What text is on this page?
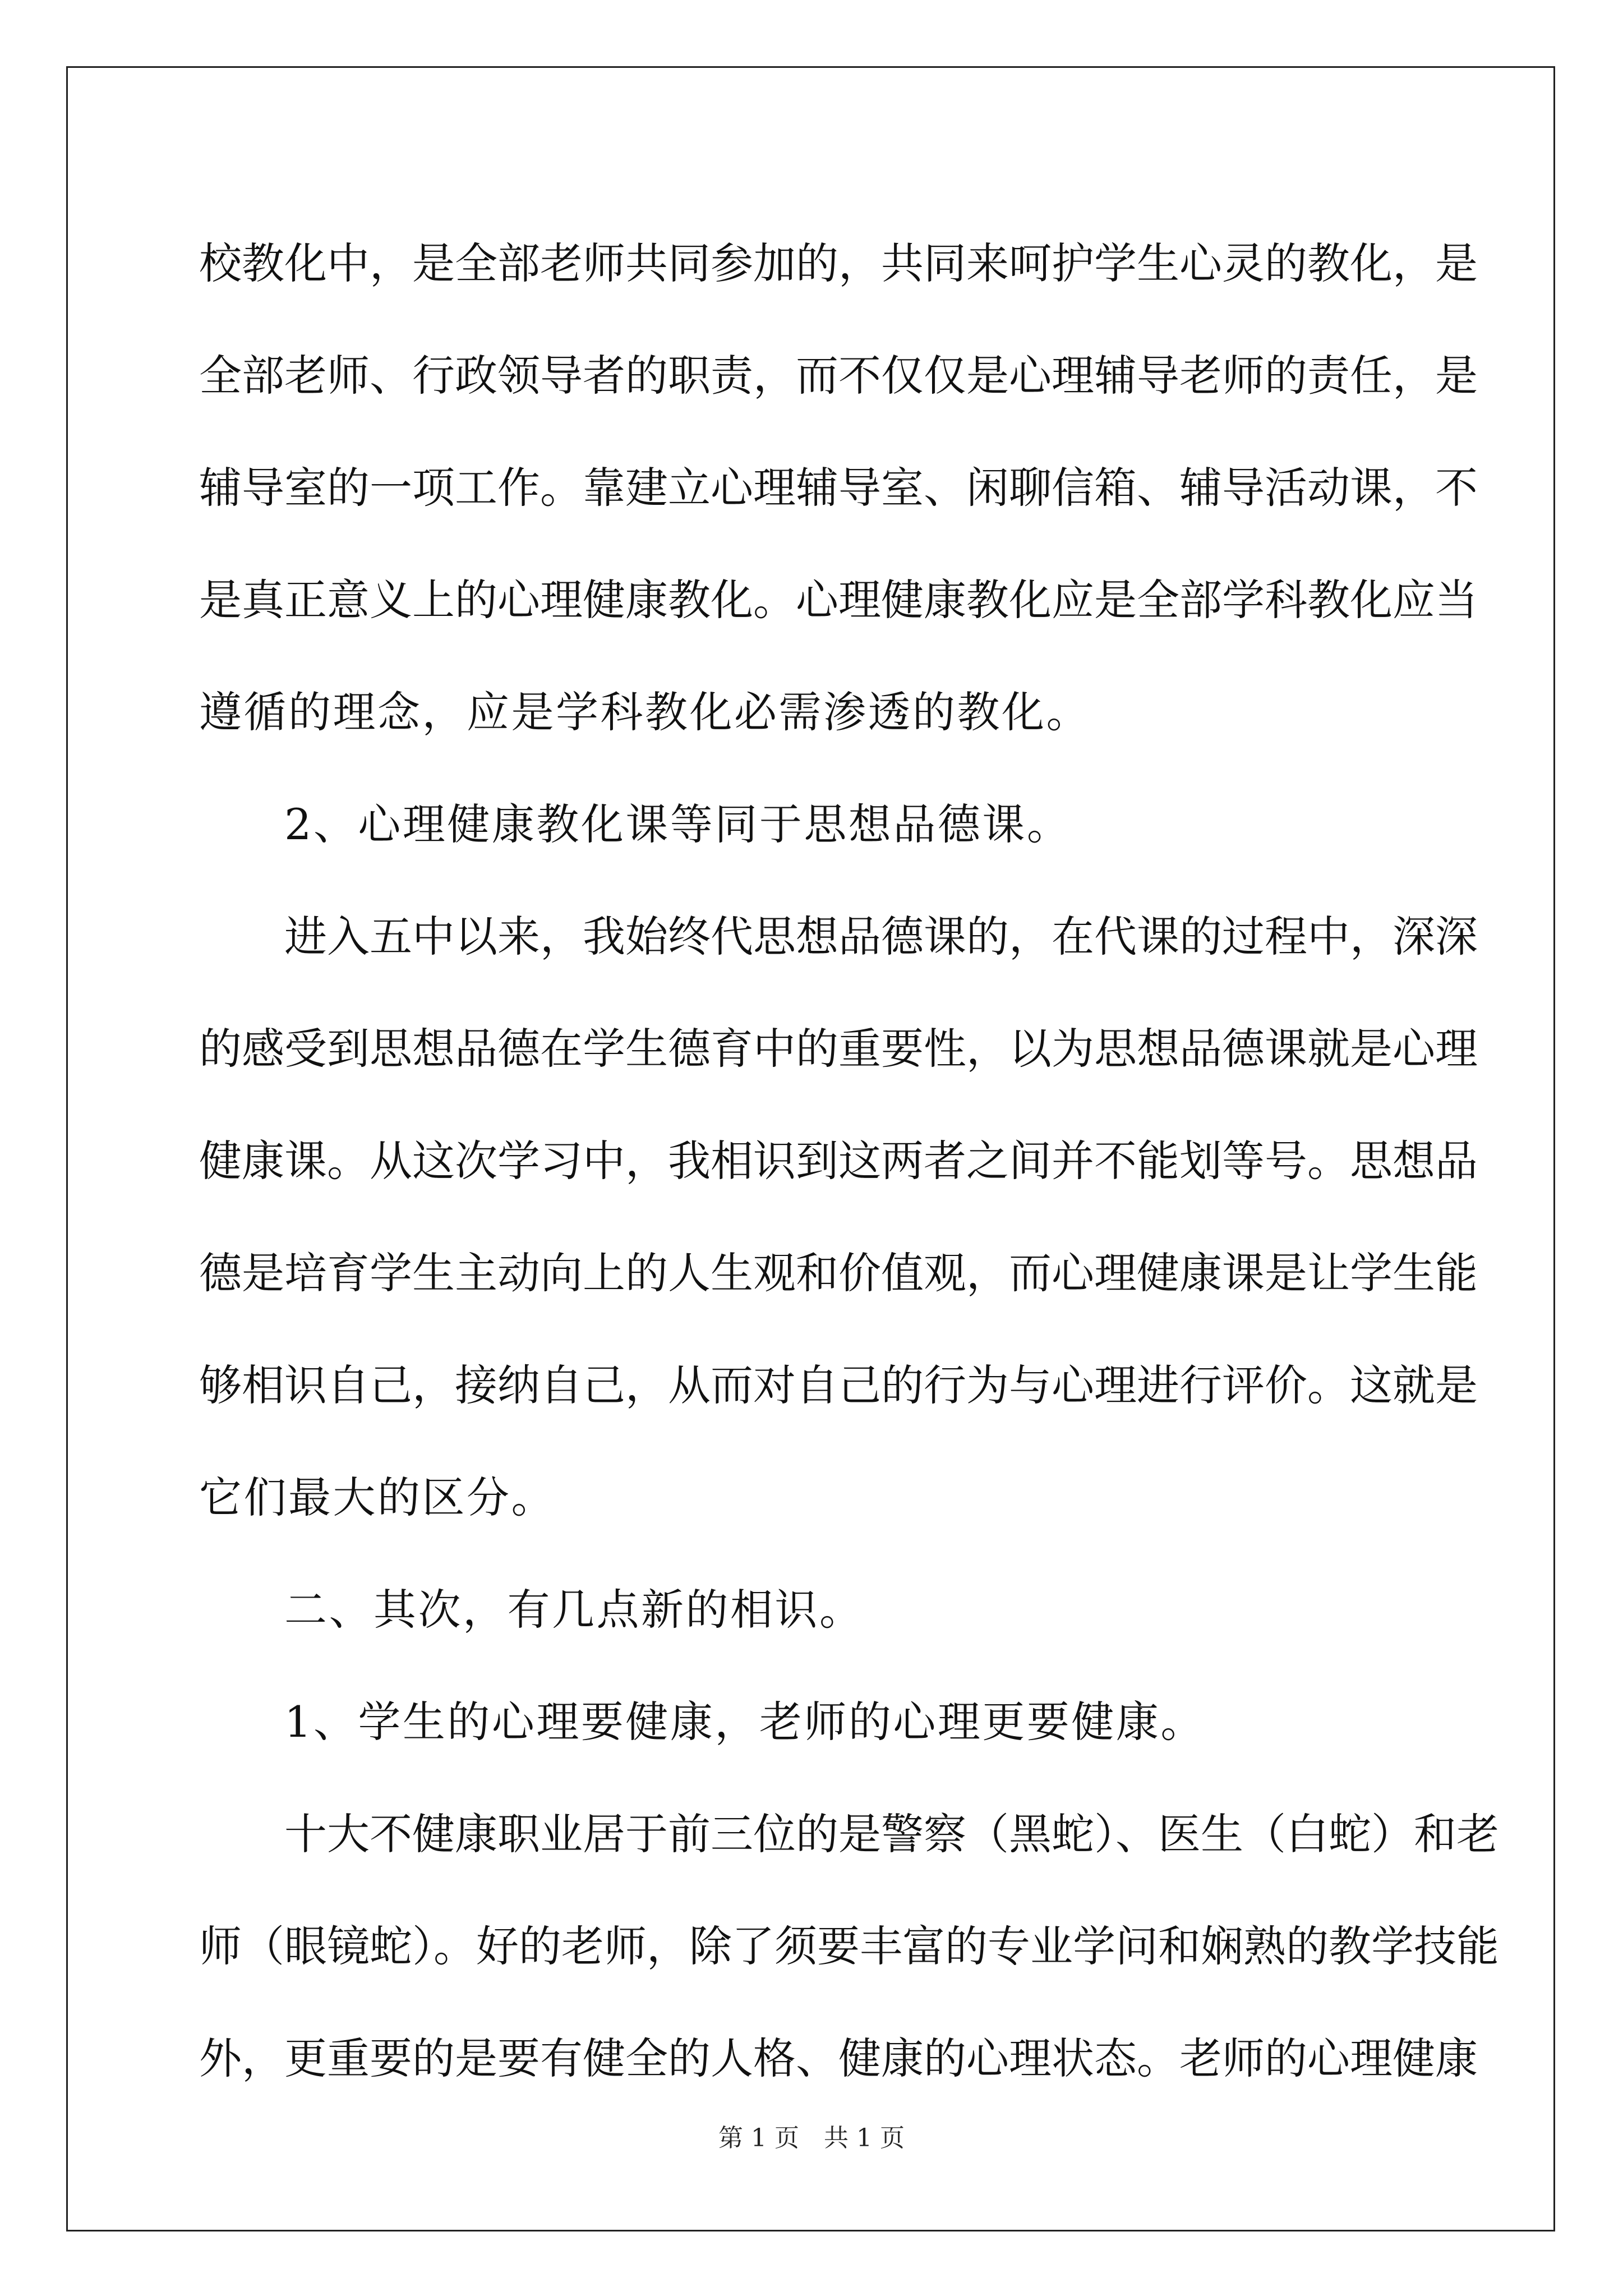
校教化中，是全部老师共同参加的，共同来呵护学生心灵的教化，是
全部老师、行政领导者的职责，而不仅仅是心理辅导老师的责任，是
辅导室的一项工作。靠建立心理辅导室、闲聊信箱、辅导活动课，不
是真正意义上的心理健康教化。心理健康教化应是全部学科教化应当
遵循的理念，应是学科教化必需渗透的教化。
2、心理健康教化课等同于思想品德课。
进入五中以来，我始终代思想品德课的，在代课的过程中，深深
的感受到思想品德在学生德育中的重要性，以为思想品德课就是心理
健康课。从这次学习中，我相识到这两者之间并不能划等号。思想品
德是培育学生主动向上的人生观和价值观，而心理健康课是让学生能
够相识自己，接纳自己，从而对自己的行为与心理进行评价。这就是
它们最大的区分。
二、其次，有几点新的相识。
1、学生的心理要健康，老师的心理更要健康。
十大不健康职业居于前三位的是警察（黑蛇）、医生（白蛇）和老
师（眼镜蛇）。好的老师，除了须要丰富的专业学问和娴熟的教学技能
外，更重要的是要有健全的人格、健康的心理状态。老师的心理健康
第 1 页　共 1 页
